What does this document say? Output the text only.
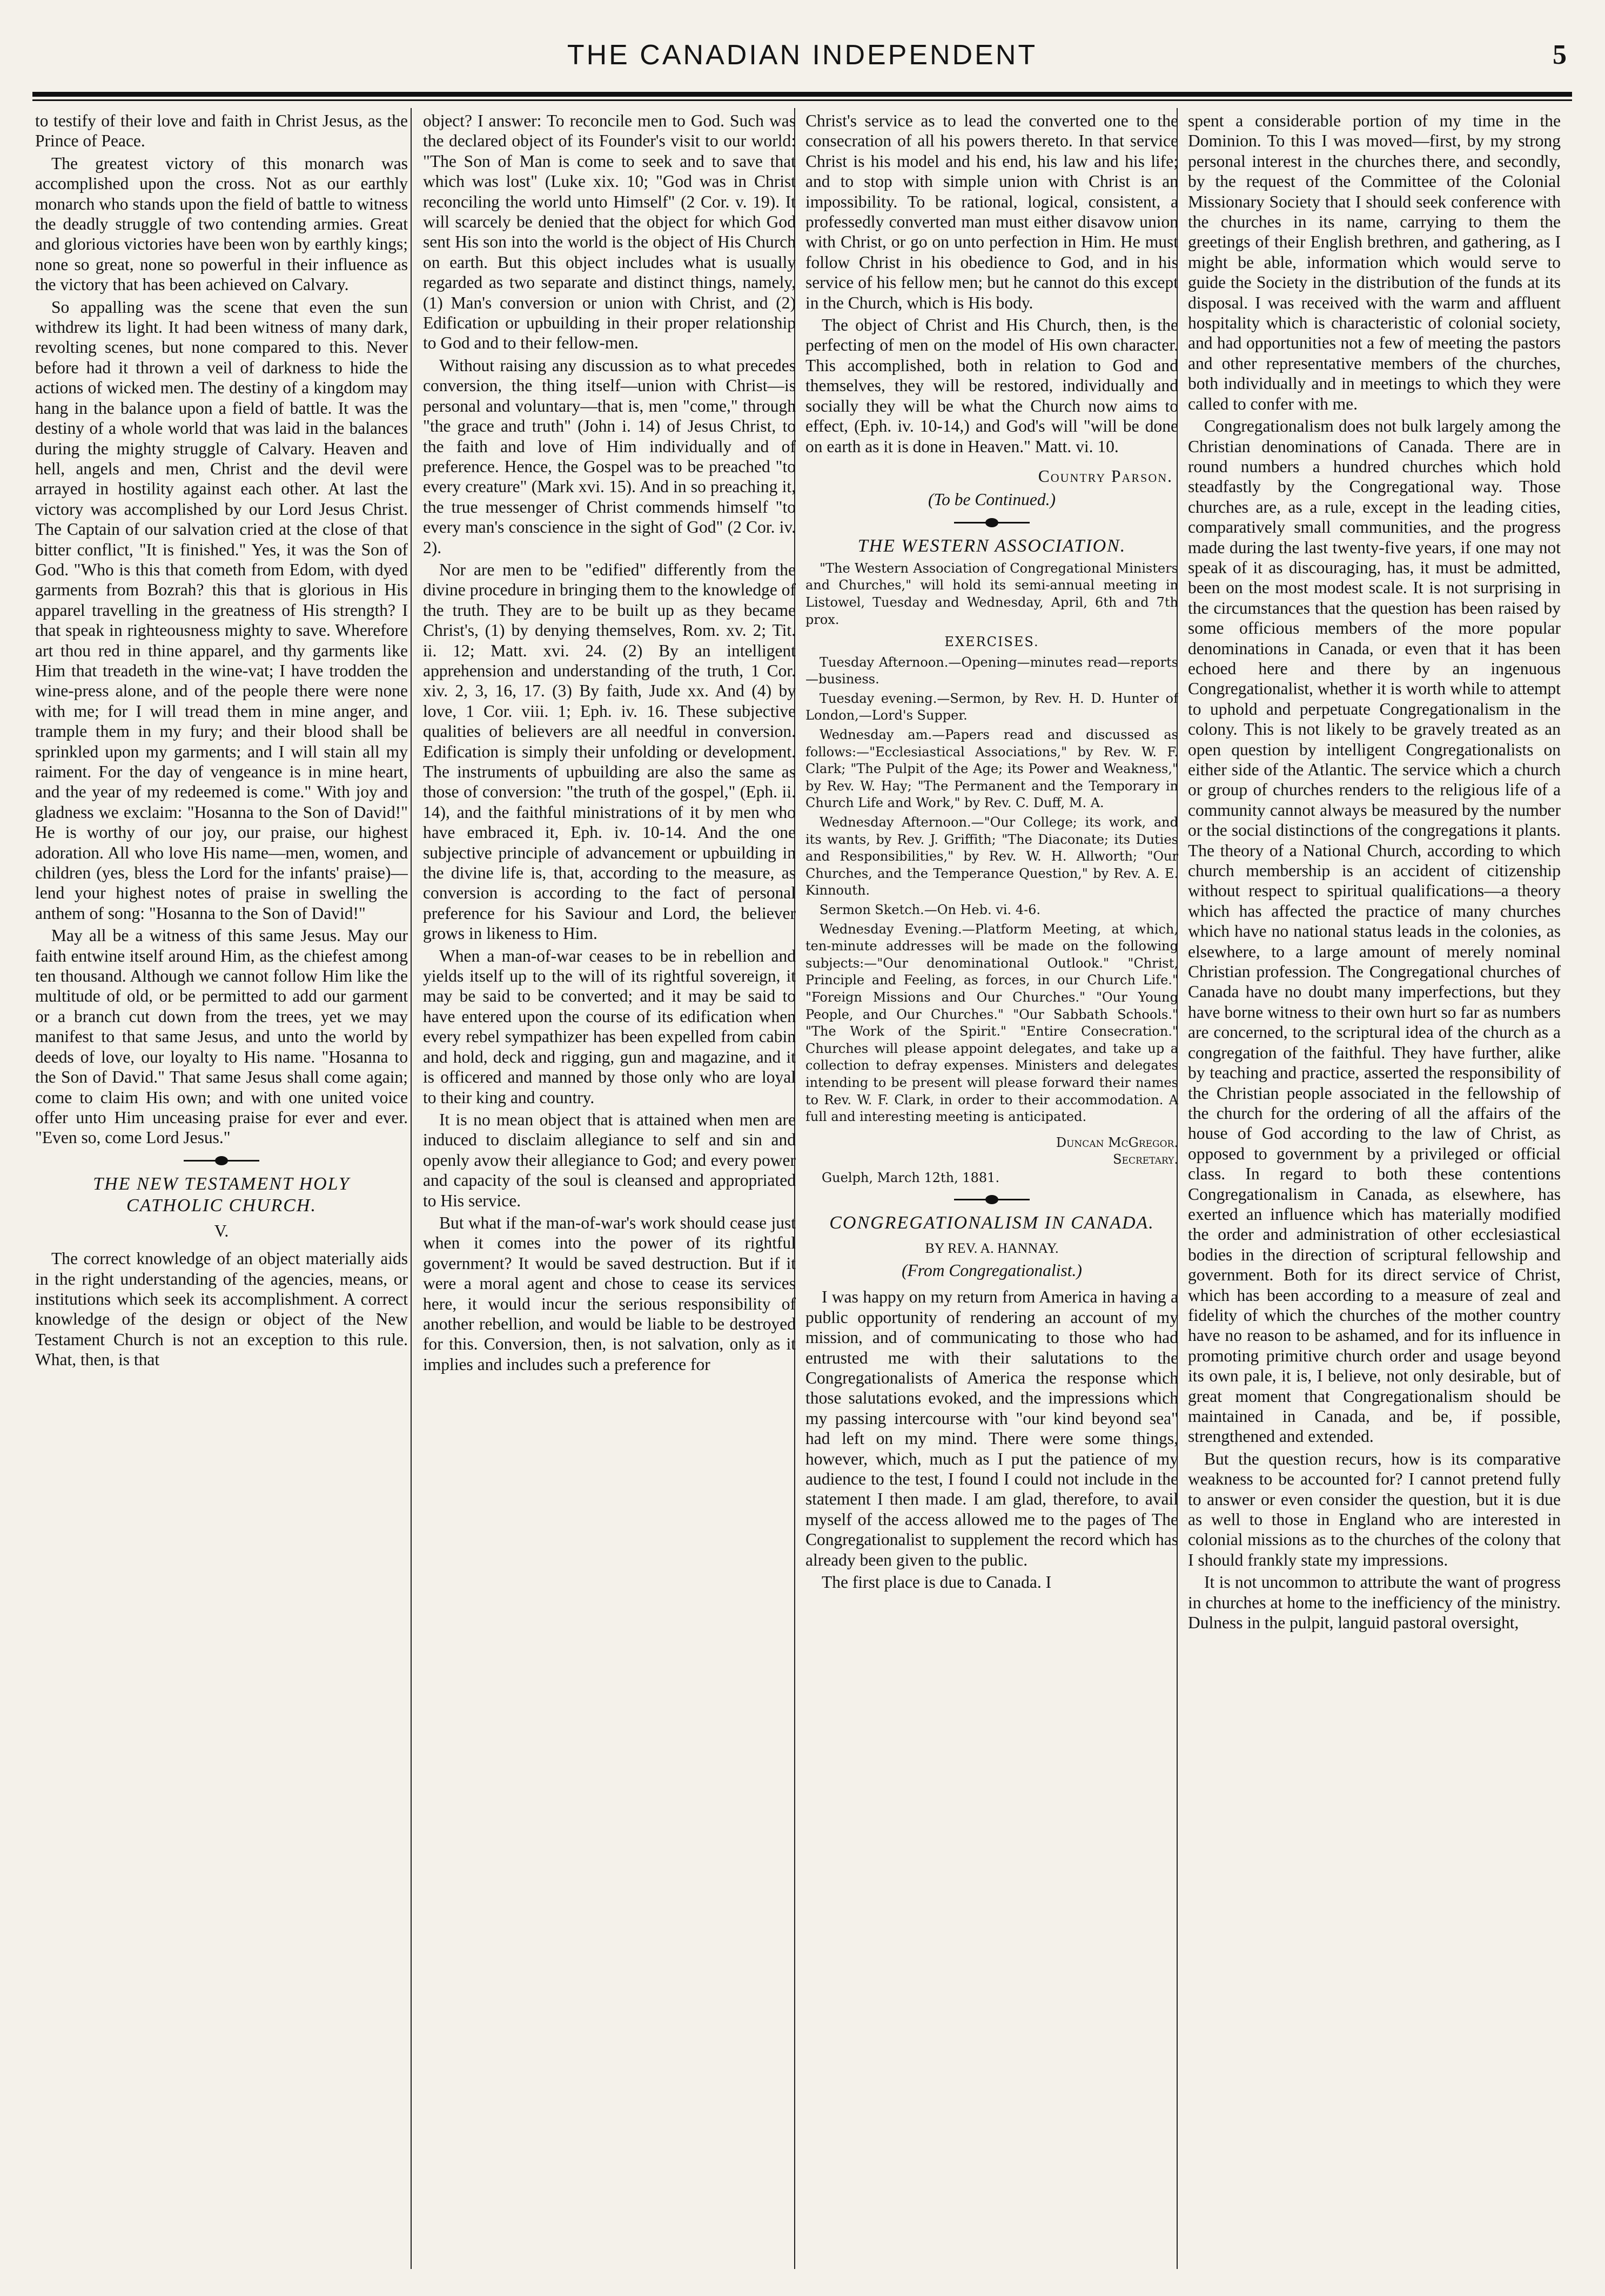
THE CANADIAN INDEPENDENT	5

to testify of their love and faith in Christ Jesus, as the Prince of Peace.

The greatest victory of this monarch was accomplished upon the cross. Not as our earthly monarch who stands upon the field of battle to witness the deadly struggle of two contending armies. Great and glorious victories have been won by earthly kings; none so great, none so powerful in their influence as the victory that has been achieved on Calvary.

So appalling was the scene that even the sun withdrew its light. It had been witness of many dark, revolting scenes, but none compared to this. Never before had it thrown a veil of darkness to hide the actions of wicked men. The destiny of a kingdom may hang in the balance upon a field of battle. It was the destiny of a whole world that was laid in the balances during the mighty struggle of Calvary. Heaven and hell, angels and men, Christ and the devil were arrayed in hostility against each other. At last the victory was accomplished by our Lord Jesus Christ. The Captain of our salvation cried at the close of that bitter conflict, "It is finished." Yes, it was the Son of God. "Who is this that cometh from Edom, with dyed garments from Bozrah? this that is glorious in His apparel travelling in the greatness of His strength? I that speak in righteousness mighty to save. Wherefore art thou red in thine apparel, and thy garments like Him that treadeth in the wine-vat; I have trodden the wine-press alone, and of the people there were none with me; for I will tread them in mine anger, and trample them in my fury; and their blood shall be sprinkled upon my garments; and I will stain all my raiment. For the day of vengeance is in mine heart, and the year of my redeemed is come." With joy and gladness we exclaim: "Hosanna to the Son of David!" He is worthy of our joy, our praise, our highest adoration. All who love His name—men, women, and children (yes, bless the Lord for the infants' praise)—lend your highest notes of praise in swelling the anthem of song: "Hosanna to the Son of David!"

May all be a witness of this same Jesus. May our faith entwine itself around Him, as the chiefest among ten thousand. Although we cannot follow Him like the multitude of old, or be permitted to add our garment or a branch cut down from the trees, yet we may manifest to that same Jesus, and unto the world by deeds of love, our loyalty to His name. "Hosanna to the Son of David." That same Jesus shall come again; come to claim His own; and with one united voice offer unto Him unceasing praise for ever and ever. "Even so, come Lord Jesus."

THE NEW TESTAMENT HOLY CATHOLIC CHURCH.
V.

The correct knowledge of an object materially aids in the right understanding of the agencies, means, or institutions which seek its accomplishment. A correct knowledge of the design or object of the New Testament Church is not an exception to this rule. What, then, is that

object? I answer: To reconcile men to God. Such was the declared object of its Founder's visit to our world: "The Son of Man is come to seek and to save that which was lost" (Luke xix. 10; "God was in Christ reconciling the world unto Himself" (2 Cor. v. 19). It will scarcely be denied that the object for which God sent His son into the world is the object of His Church on earth. But this object includes what is usually regarded as two separate and distinct things, namely, (1) Man's conversion or union with Christ, and (2) Edification or upbuilding in their proper relationship to God and to their fellow-men.

Without raising any discussion as to what precedes conversion, the thing itself—union with Christ—is personal and voluntary—that is, men "come," through "the grace and truth" (John i. 14) of Jesus Christ, to the faith and love of Him individually and of preference. Hence, the Gospel was to be preached "to every creature" (Mark xvi. 15). And in so preaching it, the true messenger of Christ commends himself "to every man's conscience in the sight of God" (2 Cor. iv. 2).

Nor are men to be "edified" differently from the divine procedure in bringing them to the knowledge of the truth. They are to be built up as they became Christ's, (1) by denying themselves, Rom. xv. 2; Tit. ii. 12; Matt. xvi. 24. (2) By an intelligent apprehension and understanding of the truth, 1 Cor. xiv. 2, 3, 16, 17. (3) By faith, Jude xx. And (4) by love, 1 Cor. viii. 1; Eph. iv. 16. These subjective qualities of believers are all needful in conversion. Edification is simply their unfolding or development. The instruments of upbuilding are also the same as those of conversion: "the truth of the gospel," (Eph. ii. 14), and the faithful ministrations of it by men who have embraced it, Eph. iv. 10-14. And the one subjective principle of advancement or upbuilding in the divine life is, that, according to the measure, as conversion is according to the fact of personal preference for his Saviour and Lord, the believer grows in likeness to Him.

When a man-of-war ceases to be in rebellion and yields itself up to the will of its rightful sovereign, it may be said to be converted; and it may be said to have entered upon the course of its edification when every rebel sympathizer has been expelled from cabin and hold, deck and rigging, gun and magazine, and it is officered and manned by those only who are loyal to their king and country.

It is no mean object that is attained when men are induced to disclaim allegiance to self and sin and openly avow their allegiance to God; and every power and capacity of the soul is cleansed and appropriated to His service.

But what if the man-of-war's work should cease just when it comes into the power of its rightful government? It would be saved destruction. But if it were a moral agent and chose to cease its services here, it would incur the serious responsibility of another rebellion, and would be liable to be destroyed for this. Conversion, then, is not salvation, only as it implies and includes such a preference for

Christ's service as to lead the converted one to the consecration of all his powers thereto. In that service Christ is his model and his end, his law and his life; and to stop with simple union with Christ is an impossibility. To be rational, logical, consistent, a professedly converted man must either disavow union with Christ, or go on unto perfection in Him. He must follow Christ in his obedience to God, and in his service of his fellow men; but he cannot do this except in the Church, which is His body.

The object of Christ and His Church, then, is the perfecting of men on the model of His own character. This accomplished, both in relation to God and themselves, they will be restored, individually and socially they will be what the Church now aims to effect, (Eph. iv. 10-14,) and God's will "will be done on earth as it is done in Heaven." Matt. vi. 10.

Country Parson.
(To be Continued.)
THE WESTERN ASSOCIATION.

"The Western Association of Congregational Ministers and Churches," will hold its semi-annual meeting in Listowel, Tuesday and Wednesday, April, 6th and 7th prox.

EXERCISES.

Tuesday Afternoon.—Opening—minutes read—reports—business.

Tuesday evening.—Sermon, by Rev. H. D. Hunter of London,—Lord's Supper.

Wednesday am.—Papers read and discussed as follows:—"Ecclesiastical Associations," by Rev. W. F. Clark; "The Pulpit of the Age; its Power and Weakness," by Rev. W. Hay; "The Permanent and the Temporary in Church Life and Work," by Rev. C. Duff, M. A.

Wednesday Afternoon.—"Our College; its work, and its wants, by Rev. J. Griffith; "The Diaconate; its Duties and Responsibilities," by Rev. W. H. Allworth; "Our Churches, and the Temperance Question," by Rev. A. E. Kinnouth.

Sermon Sketch.—On Heb. vi. 4-6.

Wednesday Evening.—Platform Meeting, at which, ten-minute addresses will be made on the following subjects:—"Our denominational Outlook." "Christ, Principle and Feeling, as forces, in our Church Life." "Foreign Missions and Our Churches." "Our Young People, and Our Churches." "Our Sabbath Schools." "The Work of the Spirit." "Entire Consecration." Churches will please appoint delegates, and take up a collection to defray expenses. Ministers and delegates intending to be present will please forward their names to Rev. W. F. Clark, in order to their accommodation. A full and interesting meeting is anticipated.

Duncan McGregor.
Secretary.

Guelph, March 12th, 1881.

CONGREGATIONALISM IN CANADA.
BY REV. A. HANNAY.
(From Congregationalist.)

I was happy on my return from America in having a public opportunity of rendering an account of my mission, and of communicating to those who had entrusted me with their salutations to the Congregationalists of America the response which those salutations evoked, and the impressions which my passing intercourse with "our kind beyond sea" had left on my mind. There were some things, however, which, much as I put the patience of my audience to the test, I found I could not include in the statement I then made. I am glad, therefore, to avail myself of the access allowed me to the pages of The Congregationalist to supplement the record which has already been given to the public.

The first place is due to Canada. I

spent a considerable portion of my time in the Dominion. To this I was moved—first, by my strong personal interest in the churches there, and secondly, by the request of the Committee of the Colonial Missionary Society that I should seek conference with the churches in its name, carrying to them the greetings of their English brethren, and gathering, as I might be able, information which would serve to guide the Society in the distribution of the funds at its disposal. I was received with the warm and affluent hospitality which is characteristic of colonial society, and had opportunities not a few of meeting the pastors and other representative members of the churches, both individually and in meetings to which they were called to confer with me.

Congregationalism does not bulk largely among the Christian denominations of Canada. There are in round numbers a hundred churches which hold steadfastly by the Congregational way. Those churches are, as a rule, except in the leading cities, comparatively small communities, and the progress made during the last twenty-five years, if one may not speak of it as discouraging, has, it must be admitted, been on the most modest scale. It is not surprising in the circumstances that the question has been raised by some officious members of the more popular denominations in Canada, or even that it has been echoed here and there by an ingenuous Congregationalist, whether it is worth while to attempt to uphold and perpetuate Congregationalism in the colony. This is not likely to be gravely treated as an open question by intelligent Congregationalists on either side of the Atlantic. The service which a church or group of churches renders to the religious life of a community cannot always be measured by the number or the social distinctions of the congregations it plants. The theory of a National Church, according to which church membership is an accident of citizenship without respect to spiritual qualifications—a theory which has affected the practice of many churches which have no national status leads in the colonies, as elsewhere, to a large amount of merely nominal Christian profession. The Congregational churches of Canada have no doubt many imperfections, but they have borne witness to their own hurt so far as numbers are concerned, to the scriptural idea of the church as a congregation of the faithful. They have further, alike by teaching and practice, asserted the responsibility of the Christian people associated in the fellowship of the church for the ordering of all the affairs of the house of God according to the law of Christ, as opposed to government by a privileged or official class. In regard to both these contentions Congregationalism in Canada, as elsewhere, has exerted an influence which has materially modified the order and administration of other ecclesiastical bodies in the direction of scriptural fellowship and government. Both for its direct service of Christ, which has been according to a measure of zeal and fidelity of which the churches of the mother country have no reason to be ashamed, and for its influence in promoting primitive church order and usage beyond its own pale, it is, I believe, not only desirable, but of great moment that Congregationalism should be maintained in Canada, and be, if possible, strengthened and extended.

But the question recurs, how is its comparative weakness to be accounted for? I cannot pretend fully to answer or even consider the question, but it is due as well to those in England who are interested in colonial missions as to the churches of the colony that I should frankly state my impressions.

It is not uncommon to attribute the want of progress in churches at home to the inefficiency of the ministry. Dulness in the pulpit, languid pastoral oversight,
